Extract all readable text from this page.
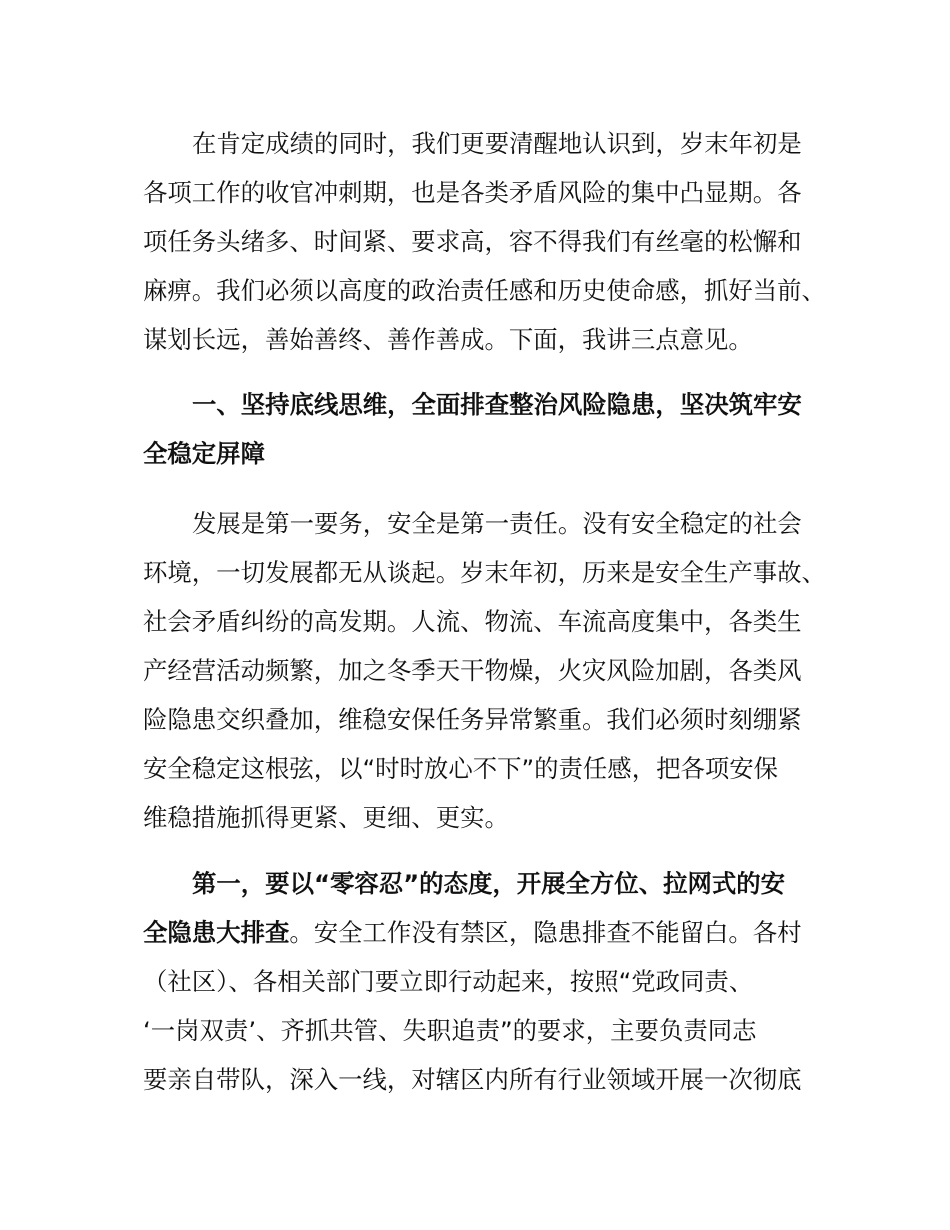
在肯定成绩的同时，我们更要清醒地认识到，岁末年初是
各项工作的收官冲刺期，也是各类矛盾风险的集中凸显期。各
项任务头绪多、时间紧、要求高，容不得我们有丝毫的松懈和
麻痹。我们必须以高度的政治责任感和历史使命感，抓好当前、
谋划长远，善始善终、善作善成。下面，我讲三点意见。
一、坚持底线思维，全面排查整治风险隐患，坚决筑牢安
全稳定屏障
发展是第一要务，安全是第一责任。没有安全稳定的社会
环境，一切发展都无从谈起。岁末年初，历来是安全生产事故、
社会矛盾纠纷的高发期。人流、物流、车流高度集中，各类生
产经营活动频繁，加之冬季天干物燥，火灾风险加剧，各类风
险隐患交织叠加，维稳安保任务异常繁重。我们必须时刻绷紧
安全稳定这根弦，以“时时放心不下”的责任感，把各项安保
维稳措施抓得更紧、更细、更实。
第一，要以“零容忍”的态度，开展全方位、拉网式的安
全隐患大排查。安全工作没有禁区，隐患排查不能留白。各村
（社区）、各相关部门要立即行动起来，按照“党政同责、
‘一岗双责’、齐抓共管、失职追责”的要求，主要负责同志
要亲自带队，深入一线，对辖区内所有行业领域开展一次彻底
